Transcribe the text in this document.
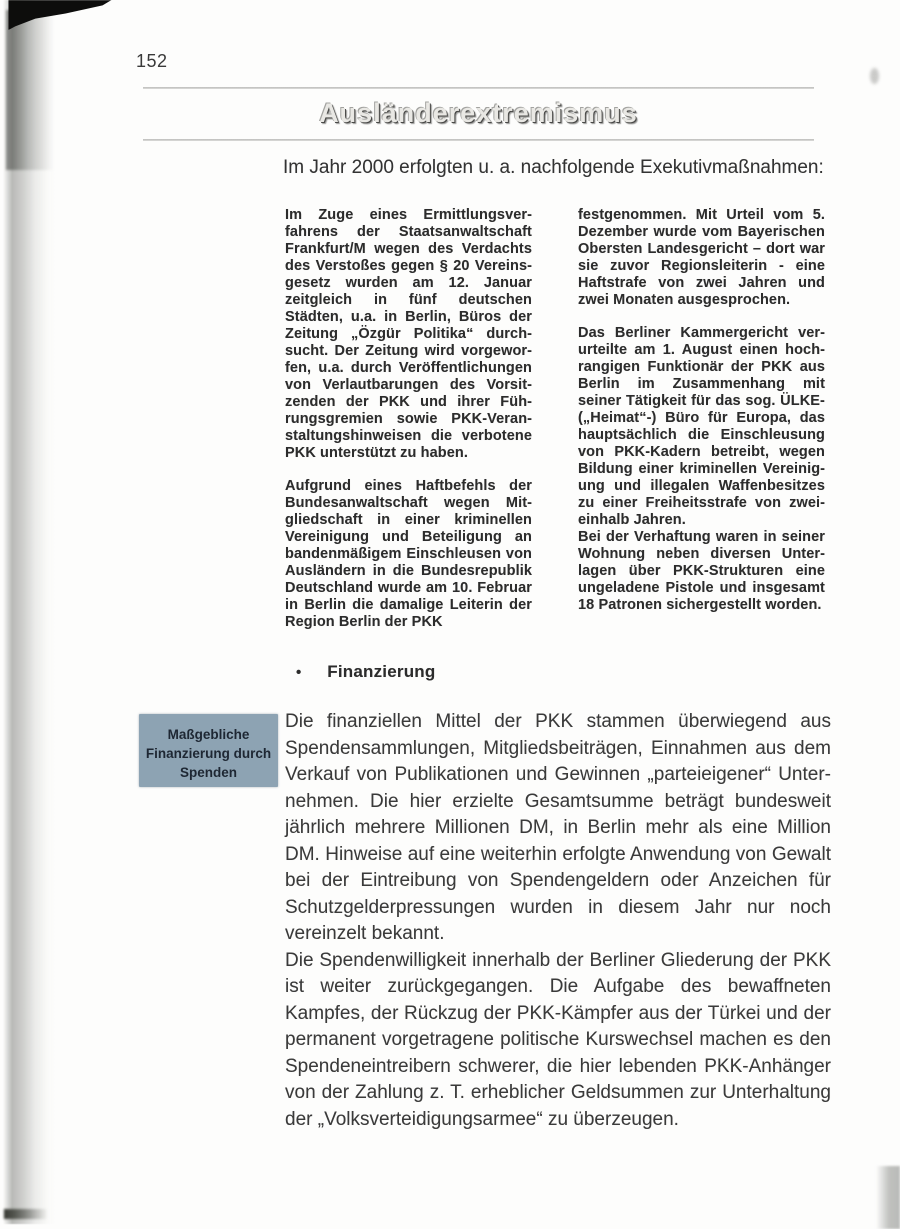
152
Ausländerextremismus
Im Jahr 2000 erfolgten u. a. nachfolgende Exekutivmaßnahmen:

Im Zuge eines Ermittlungsverfahrens der Staatsanwaltschaft Frankfurt/M wegen des Verdachts des Verstoßes gegen § 20 Vereinsgesetz wurden am 12. Januar zeitgleich in fünf deutschen Städten, u.a. in Berlin, Büros der Zeitung „Özgür Politika“ durchsucht. Der Zeitung wird vorgeworfen, u.a. durch Veröffentlichungen von Verlautbarungen des Vorsitzenden der PKK und ihrer Führungsgremien sowie PKK-Veranstaltungshinweisen die verbotene PKK unterstützt zu haben.

Aufgrund eines Haftbefehls der Bundesanwaltschaft wegen Mitgliedschaft in einer kriminellen Vereinigung und Beteiligung an bandenmäßigem Einschleusen von Ausländern in die Bundesrepublik Deutschland wurde am 10. Februar in Berlin die damalige Leiterin der Region Berlin der PKK

festgenommen. Mit Urteil vom 5. Dezember wurde vom Bayerischen Obersten Landesgericht – dort war sie zuvor Regionsleiterin - eine Haftstrafe von zwei Jahren und zwei Monaten ausgesprochen.

Das Berliner Kammergericht verurteilte am 1. August einen hochrangigen Funktionär der PKK aus Berlin im Zusammenhang mit seiner Tätigkeit für das sog. ÜLKE- („Heimat“-) Büro für Europa, das hauptsächlich die Einschleusung von PKK-Kadern betreibt, wegen Bildung einer kriminellen Vereinigung und illegalen Waffenbesitzes zu einer Freiheitsstrafe von zweieinhalb Jahren.

Bei der Verhaftung waren in seiner Wohnung neben diversen Unterlagen über PKK-Strukturen eine ungeladene Pistole und insgesamt 18 Patronen sichergestellt worden.

• Finanzierung
Maßgebliche Finanzierung durch Spenden

Die finanziellen Mittel der PKK stammen überwiegend aus Spendensammlungen, Mitgliedsbeiträgen, Einnahmen aus dem Verkauf von Publikationen und Gewinnen „parteieigener“ Unternehmen. Die hier erzielte Gesamtsumme beträgt bundesweit jährlich mehrere Millionen DM, in Berlin mehr als eine Million DM. Hinweise auf eine weiterhin erfolgte Anwendung von Gewalt bei der Eintreibung von Spendengeldern oder Anzeichen für Schutzgelderpressungen wurden in diesem Jahr nur noch vereinzelt bekannt.

Die Spendenwilligkeit innerhalb der Berliner Gliederung der PKK ist weiter zurückgegangen. Die Aufgabe des bewaffneten Kampfes, der Rückzug der PKK-Kämpfer aus der Türkei und der permanent vorgetragene politische Kurswechsel machen es den Spendeneintreibern schwerer, die hier lebenden PKK-Anhänger von der Zahlung z. T. erheblicher Geldsummen zur Unterhaltung der „Volksverteidigungsarmee“ zu überzeugen.
